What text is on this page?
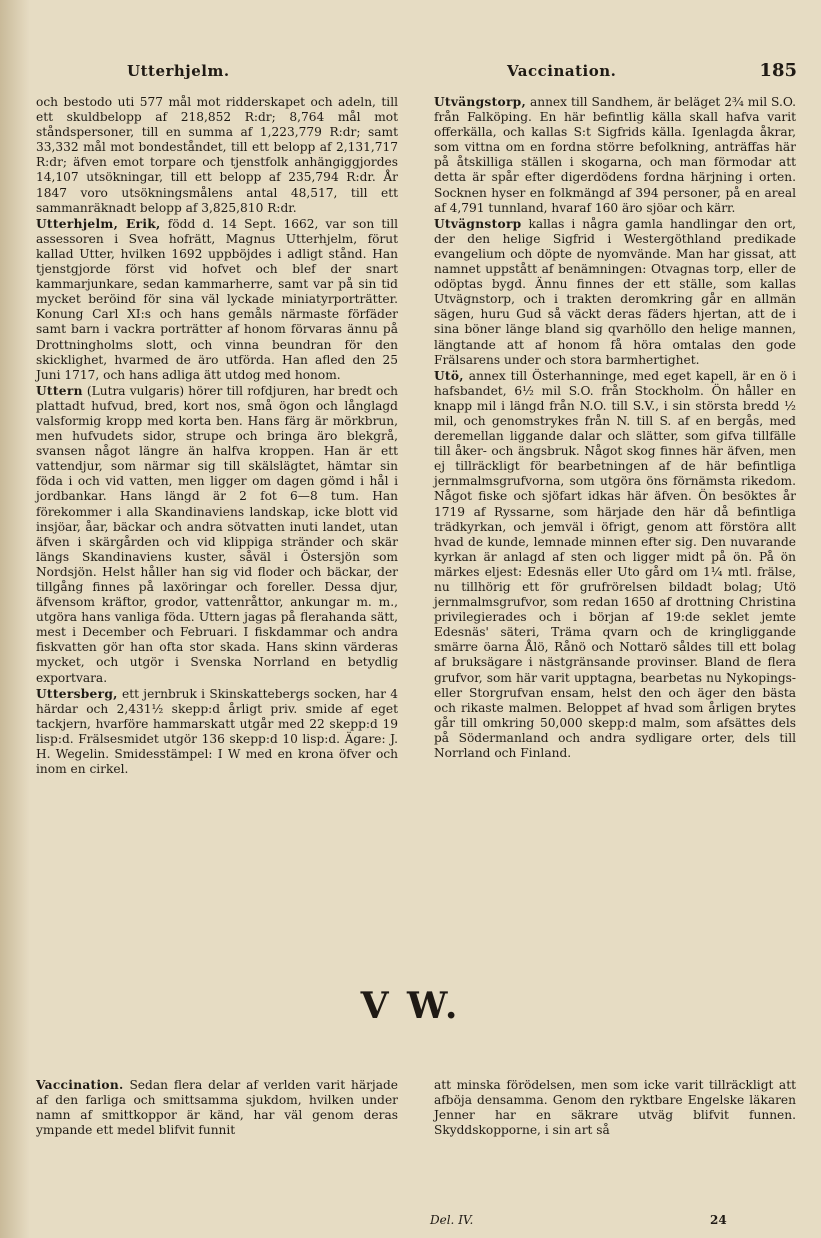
Utterhjelm.	Vaccination.	185

och bestodo uti 577 mål mot ridderskapet och adeln, till ett skuldbelopp af 218,852 R:dr; 8,764 mål mot ståndspersoner, till en summa af 1,223,779 R:dr; samt 33,332 mål mot bondeståndet, till ett belopp af 2,131,717 R:dr; äfven emot torpare och tjenstfolk anhängiggjordes 14,107 utsökningar, till ett belopp af 235,794 R:dr. År 1847 voro utsökningsmålens antal 48,517, till ett sammanräknadt belopp af 3,825,810 R:dr.

Utterhjelm, Erik, född d. 14 Sept. 1662, var son till assessoren i Svea hofrätt, Magnus Utterhjelm, förut kallad Utter, hvilken 1692 uppböjdes i adligt stånd. Han tjenstgjorde först vid hofvet och blef der snart kammarjunkare, sedan kammarherre, samt var på sin tid mycket beröind för sina väl lyckade miniatyrporträtter. Konung Carl XI:s och hans gemåls närmaste förfäder samt barn i vackra porträtter af honom förvaras ännu på Drottningholms slott, och vinna beundran för den skicklighet, hvarmed de äro utförda. Han afled den 25 Juni 1717, och hans adliga ätt utdog med honom.

Uttern (Lutra vulgaris) hörer till rofdjuren, har bredt och plattadt hufvud, bred, kort nos, små ögon och långlagd valsformig kropp med korta ben. Hans färg är mörkbrun, men hufvudets sidor, strupe och bringa äro blekgrå, svansen något längre än halfva kroppen. Han är ett vattendjur, som närmar sig till skälslägtet, hämtar sin föda i och vid vatten, men ligger om dagen gömd i hål i jordbankar. Hans längd är 2 fot 6—8 tum. Han förekommer i alla Skandinaviens landskap, icke blott vid insjöar, åar, bäckar och andra sötvatten inuti landet, utan äfven i skärgården och vid klippiga stränder och skär längs Skandinaviens kuster, såväl i Östersjön som Nordsjön. Helst håller han sig vid floder och bäckar, der tillgång finnes på laxöringar och foreller. Dessa djur, äfvensom kräftor, grodor, vattenråttor, ankungar m. m., utgöra hans vanliga föda. Uttern jagas på flerahanda sätt, mest i December och Februari. I fiskdammar och andra fiskvatten gör han ofta stor skada. Hans skinn värderas mycket, och utgör i Svenska Norrland en betydlig exportvara.

Uttersberg, ett jernbruk i Skinskattebergs socken, har 4 härdar och 2,431½ skepp:d årligt priv. smide af eget tackjern, hvarföre hammarskatt utgår med 22 skepp:d 19 lisp:d. Frälsesmidet utgör 136 skepp:d 10 lisp:d. Ägare: J. H. Wegelin. Smidesstämpel: I W med en krona öfver och inom en cirkel.

Utvängstorp, annex till Sandhem, är beläget 2¾ mil S.O. från Falköping. En här befintlig källa skall hafva varit offerkälla, och kallas S:t Sigfrids källa. Igenlagda åkrar, som vittna om en fordna större befolkning, anträffas här på åtskilliga ställen i skogarna, och man förmodar att detta är spår efter digerdödens fordna härjning i orten. Socknen hyser en folkmängd af 394 personer, på en areal af 4,791 tunnland, hvaraf 160 äro sjöar och kärr.

Utvägnstorp kallas i några gamla handlingar den ort, der den helige Sigfrid i Westergöthland predikade evangelium och döpte de nyomvände. Man har gissat, att namnet uppstått af benämningen: Otvagnas torp, eller de odöptas bygd. Ännu finnes der ett ställe, som kallas Utvägnstorp, och i trakten deromkring går en allmän sägen, huru Gud så väckt deras fäders hjertan, att de i sina böner länge bland sig qvarhöllo den helige mannen, längtande att af honom få höra omtalas den gode Frälsarens under och stora barmhertighet.

Utö, annex till Österhanninge, med eget kapell, är en ö i hafsbandet, 6½ mil S.O. från Stockholm. Ön håller en knapp mil i längd från N.O. till S.V., i sin största bredd ½ mil, och genomstrykes från N. till S. af en bergås, med deremellan liggande dalar och slätter, som gifva tillfälle till åker- och ängsbruk. Något skog finnes här äfven, men ej tillräckligt för bearbetningen af de här befintliga jernmalmsgrufvorna, som utgöra öns förnämsta rikedom. Något fiske och sjöfart idkas här äfven. Ön besöktes år 1719 af Ryssarne, som härjade den här då befintliga trädkyrkan, och jemväl i öfrigt, genom att förstöra allt hvad de kunde, lemnade minnen efter sig. Den nuvarande kyrkan är anlagd af sten och ligger midt på ön. På ön märkes eljest: Edesnäs eller Uto gård om 1¼ mtl. frälse, nu tillhörig ett för grufrörelsen bildadt bolag; Utö jernmalmsgrufvor, som redan 1650 af drottning Christina privilegierades och i början af 19:de seklet jemte Edesnäs' säteri, Träma qvarn och de kringliggande smärre öarna Ålö, Rånö och Nottarö såldes till ett bolag af bruksägare i nästgränsande provinser. Bland de flera grufvor, som här varit upptagna, bearbetas nu Nykopings- eller Storgrufvan ensam, helst den och äger den bästa och rikaste malmen. Beloppet af hvad som årligen brytes går till omkring 50,000 skepp:d malm, som afsättes dels på Södermanland och andra sydligare orter, dels till Norrland och Finland.

V W.

Vaccination. Sedan flera delar af verlden varit härjade af den farliga och smittsamma sjukdom, hvilken under namn af smittkoppor är känd, har väl genom deras ympande ett medel blifvit funnit

att minska förödelsen, men som icke varit tillräckligt att afböja densamma. Genom den ryktbare Engelske läkaren Jenner har en säkrare utväg blifvit funnen. Skyddskopporne, i sin art så

Del. IV.	24
